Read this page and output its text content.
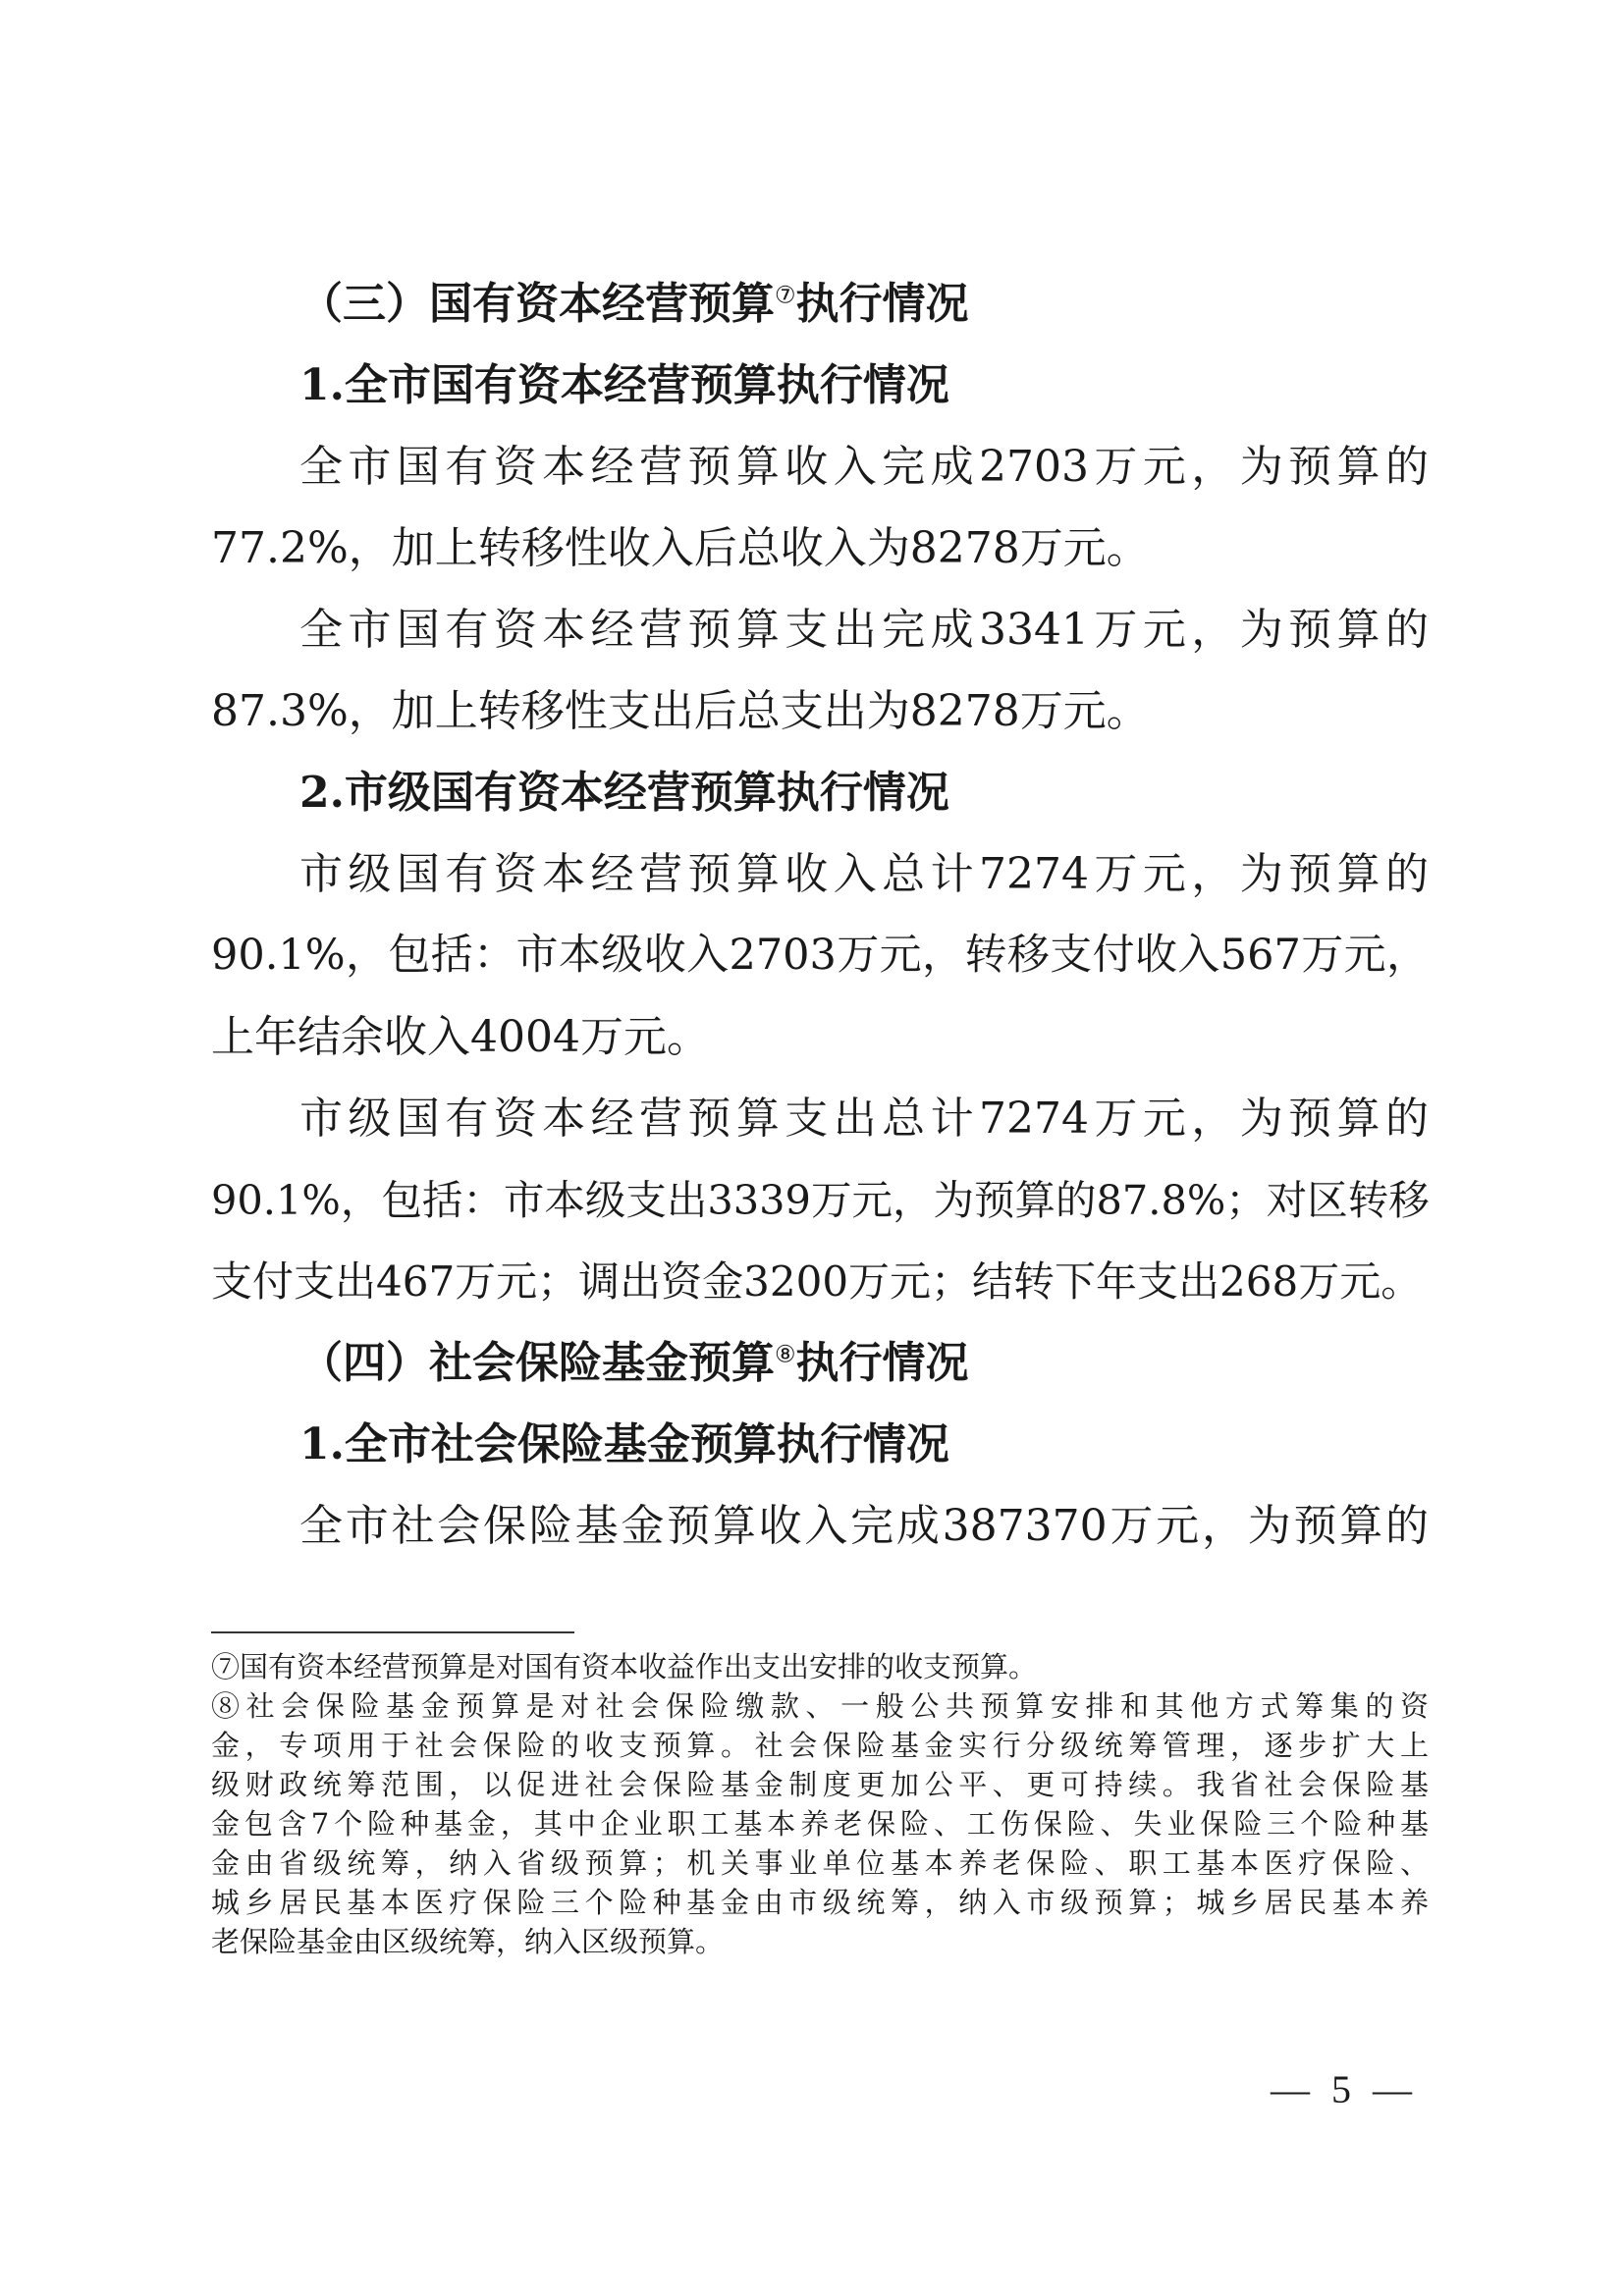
（三）国有资本经营预算⑦执行情况
1.全市国有资本经营预算执行情况
全市国有资本经营预算收入完成2703万元，为预算的
77.2%，加上转移性收入后总收入为8278万元。
全市国有资本经营预算支出完成3341万元，为预算的
87.3%，加上转移性支出后总支出为8278万元。
2.市级国有资本经营预算执行情况
市级国有资本经营预算收入总计7274万元，为预算的
90.1%，包括：市本级收入2703万元，转移支付收入567万元，
上年结余收入4004万元。
市级国有资本经营预算支出总计7274万元，为预算的
90.1%，包括：市本级支出3339万元，为预算的87.8%；对区转移
支付支出467万元；调出资金3200万元；结转下年支出268万元。
（四）社会保险基金预算⑧执行情况
1.全市社会保险基金预算执行情况
全市社会保险基金预算收入完成387370万元，为预算的
⑦国有资本经营预算是对国有资本收益作出支出安排的收支预算。
⑧社会保险基金预算是对社会保险缴款、一般公共预算安排和其他方式筹集的资
金，专项用于社会保险的收支预算。社会保险基金实行分级统筹管理，逐步扩大上
级财政统筹范围，以促进社会保险基金制度更加公平、更可持续。我省社会保险基
金包含7个险种基金，其中企业职工基本养老保险、工伤保险、失业保险三个险种基
金由省级统筹，纳入省级预算；机关事业单位基本养老保险、职工基本医疗保险、
城乡居民基本医疗保险三个险种基金由市级统筹，纳入市级预算；城乡居民基本养
老保险基金由区级统筹，纳入区级预算。
— 5 —
